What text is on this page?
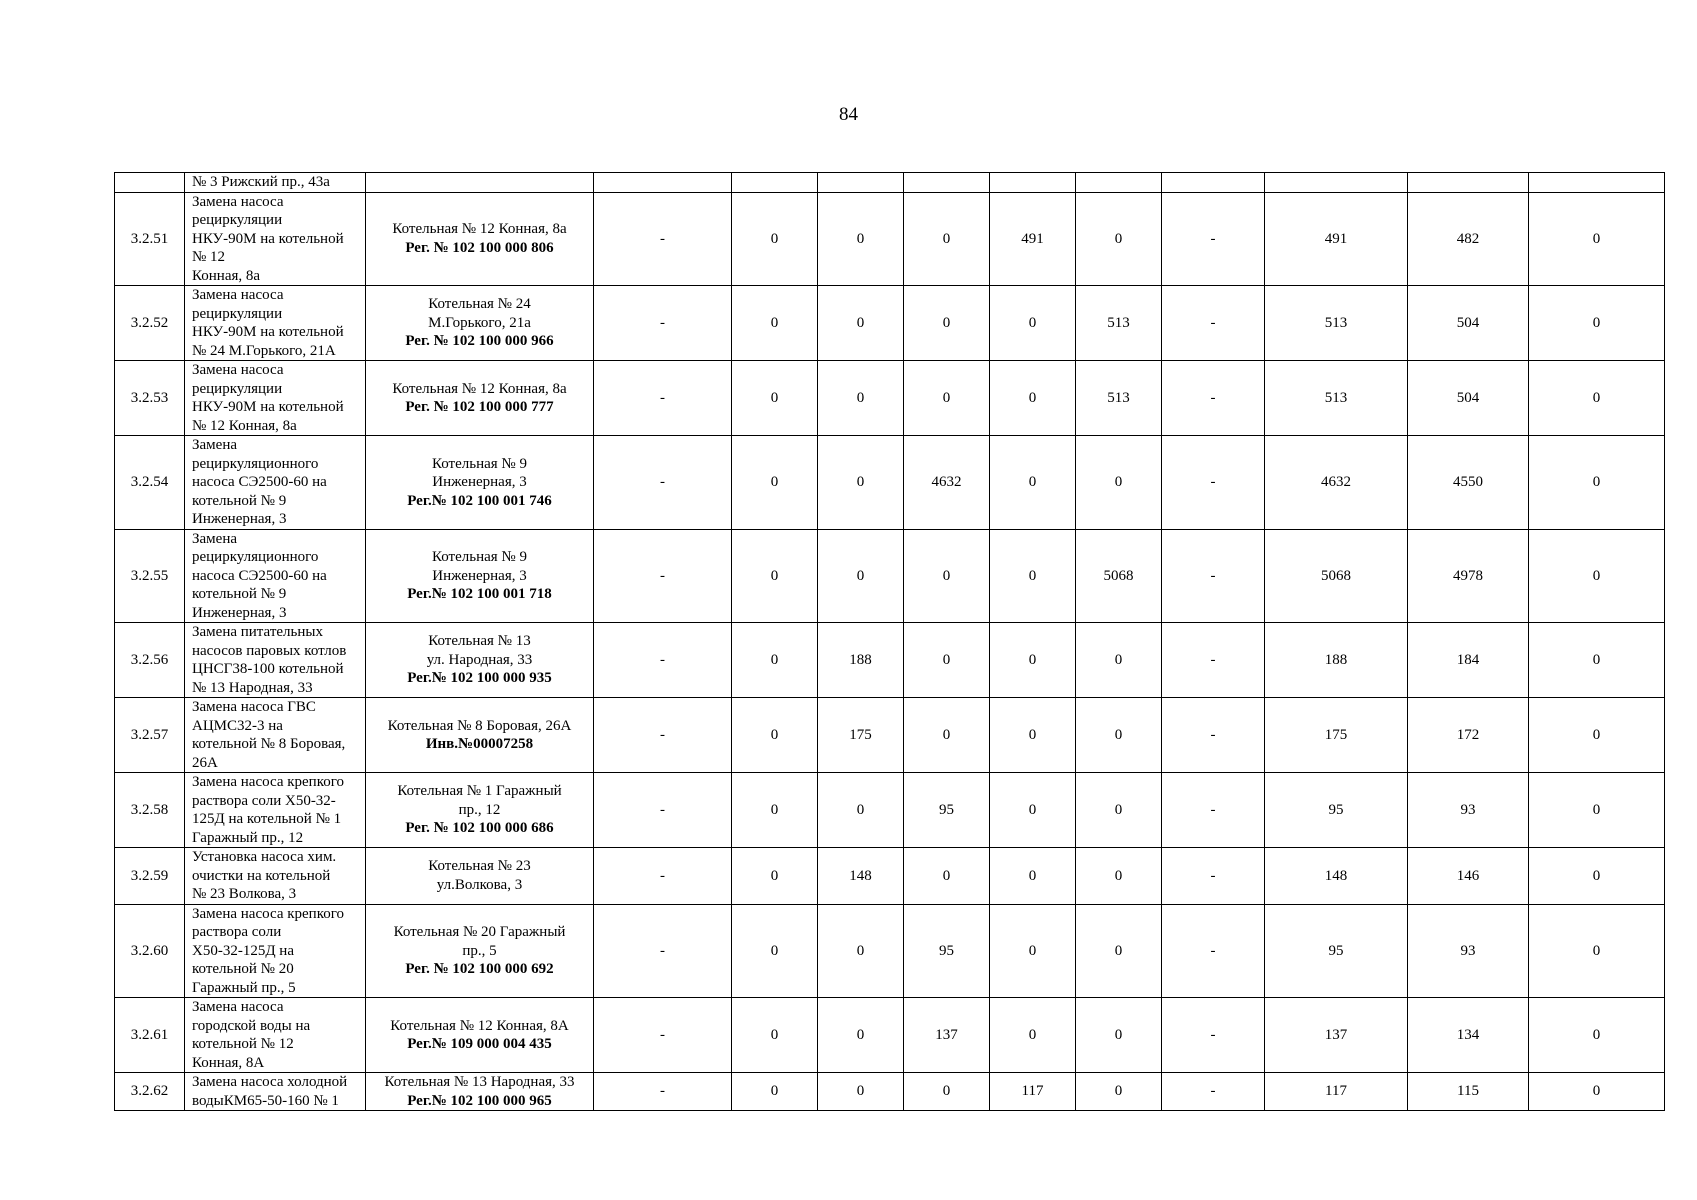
84
	№ 3 Рижский пр., 43а	

3.2.51	Замена насоса
рециркуляции
НКУ-90М на котельной
№ 12
Конная, 8а	Котельная № 12 Конная, 8а
Рег. № 102 100 000 806	-	0	0	0	491	0	-	491	482	0
3.2.52	Замена насоса
рециркуляции
НКУ-90М на котельной
№ 24 М.Горького, 21А	Котельная № 24
М.Горького, 21а
Рег. № 102 100 000 966	-	0	0	0	0	513	-	513	504	0
3.2.53	Замена насоса
рециркуляции
НКУ-90М на котельной
№ 12 Конная, 8а	Котельная № 12 Конная, 8а
Рег. № 102 100 000 777	-	0	0	0	0	513	-	513	504	0
3.2.54	Замена
рециркуляционного
насоса СЭ2500-60 на
котельной № 9
Инженерная, 3	Котельная № 9
Инженерная, 3
Рег.№ 102 100 001 746	-	0	0	4632	0	0	-	4632	4550	0
3.2.55	Замена
рециркуляционного
насоса СЭ2500-60 на
котельной № 9
Инженерная, 3	Котельная № 9
Инженерная, 3
Рег.№ 102 100 001 718	-	0	0	0	0	5068	-	5068	4978	0
3.2.56	Замена питательных
насосов паровых котлов
ЦНСГ38-100 котельной
№ 13 Народная, 33	Котельная № 13
ул. Народная, 33
Рег.№ 102 100 000 935	-	0	188	0	0	0	-	188	184	0
3.2.57	Замена насоса ГВС
АЦМС32-3 на
котельной № 8 Боровая,
26А	Котельная № 8 Боровая, 26А
Инв.№00007258	-	0	175	0	0	0	-	175	172	0
3.2.58	Замена насоса крепкого
раствора соли Х50-32-
125Д на котельной № 1
Гаражный пр., 12	Котельная № 1 Гаражный
пр., 12
Рег. № 102 100 000 686	-	0	0	95	0	0	-	95	93	0
3.2.59	Установка насоса хим.
очистки на котельной
№ 23 Волкова, 3	Котельная № 23
ул.Волкова, 3	-	0	148	0	0	0	-	148	146	0
3.2.60	Замена насоса крепкого
раствора соли
Х50-32-125Д на
котельной № 20
Гаражный пр., 5	Котельная № 20 Гаражный
пр., 5
Рег. № 102 100 000 692	-	0	0	95	0	0	-	95	93	0
3.2.61	Замена насоса
городской воды на
котельной № 12
Конная, 8А	Котельная № 12 Конная, 8А
Рег.№ 109 000 004 435	-	0	0	137	0	0	-	137	134	0
3.2.62	Замена насоса холодной
водыКМ65-50-160 № 1	Котельная № 13 Народная, 33
Рег.№ 102 100 000 965	-	0	0	0	117	0	-	117	115	0
